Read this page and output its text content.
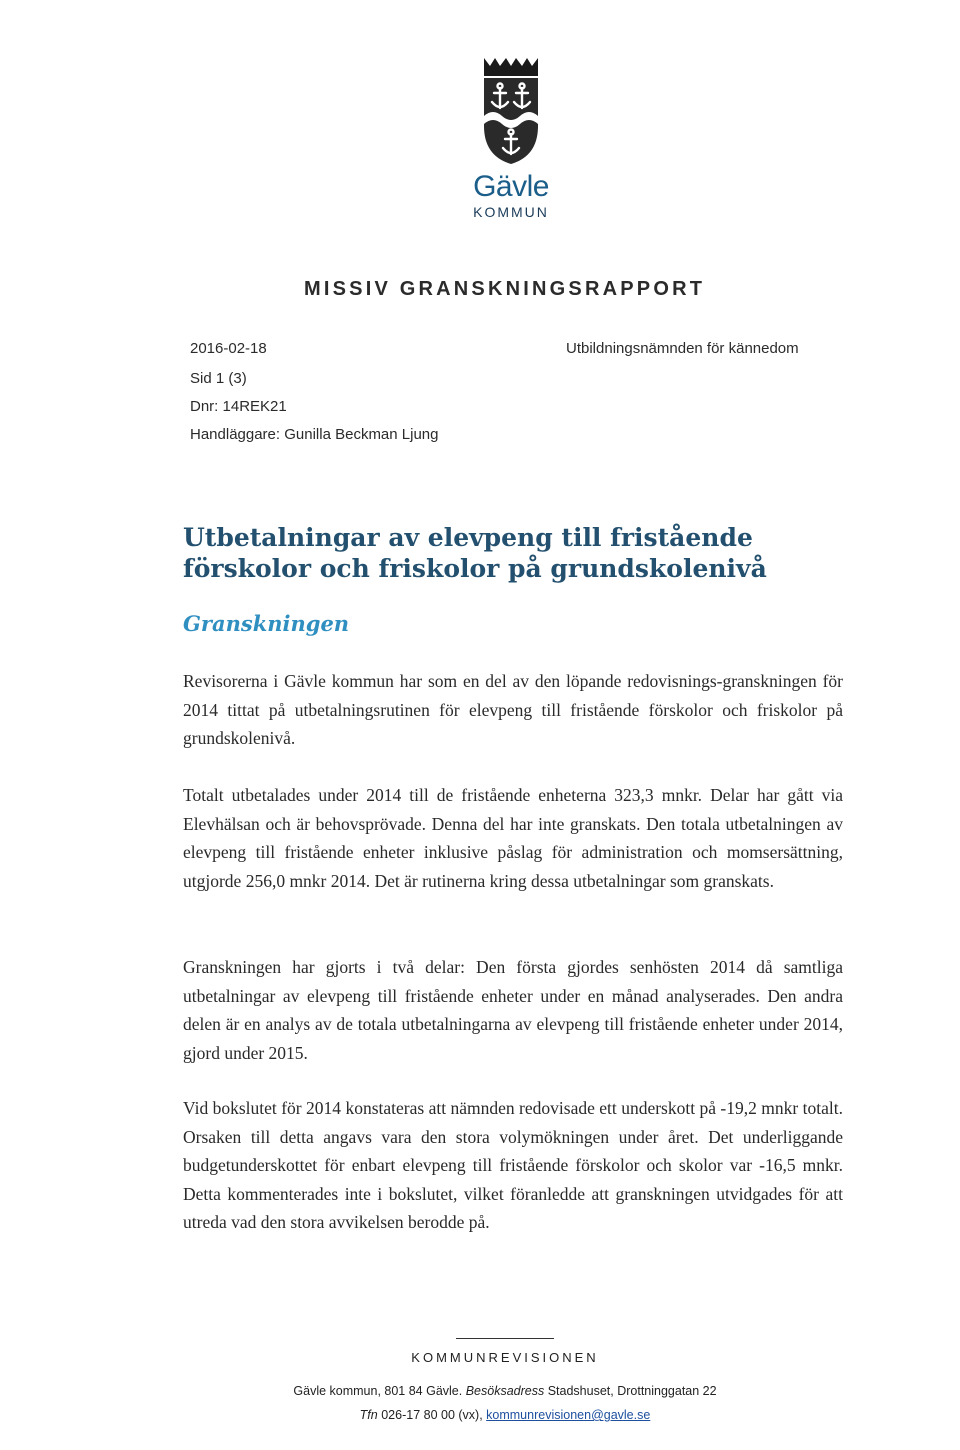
Gävle
KOMMUN
MISSIV GRANSKNINGSRAPPORT
2016-02-18
Sid 1 (3)
Dnr: 14REK21
Handläggare: Gunilla Beckman Ljung
Utbildningsnämnden för kännedom
Utbetalningar av elevpeng till fristående förskolor och friskolor på grundskolenivå
Granskningen
Revisorerna i Gävle kommun har som en del av den löpande redovisnings-granskningen för 2014 tittat på utbetalningsrutinen för elevpeng till fristående förskolor och friskolor på grundskolenivå.
Totalt utbetalades under 2014 till de fristående enheterna 323,3 mnkr. Delar har gått via Elevhälsan och är behovsprövade. Denna del har inte granskats. Den totala utbetalningen av elevpeng till fristående enheter inklusive påslag för administration och momsersättning, utgjorde 256,0 mnkr 2014. Det är rutinerna kring dessa utbetalningar som granskats.
Granskningen har gjorts i två delar: Den första gjordes senhösten 2014 då samtliga utbetalningar av elevpeng till fristående enheter under en månad analyserades. Den andra delen är en analys av de totala utbetalningarna av elevpeng till fristående enheter under 2014, gjord under 2015.
Vid bokslutet för 2014 konstateras att nämnden redovisade ett underskott på -19,2 mnkr totalt. Orsaken till detta angavs vara den stora volymökningen under året. Det underliggande budgetunderskottet för enbart elevpeng till fristående förskolor och skolor var -16,5 mnkr. Detta kommenterades inte i bokslutet, vilket föranledde att granskningen utvidgades för att utreda vad den stora avvikelsen berodde på.
KOMMUNREVISIONEN
Gävle kommun, 801 84 Gävle. Besöksadress Stadshuset, Drottninggatan 22
Tfn 026-17 80 00 (vx), kommunrevisionen@gavle.se
